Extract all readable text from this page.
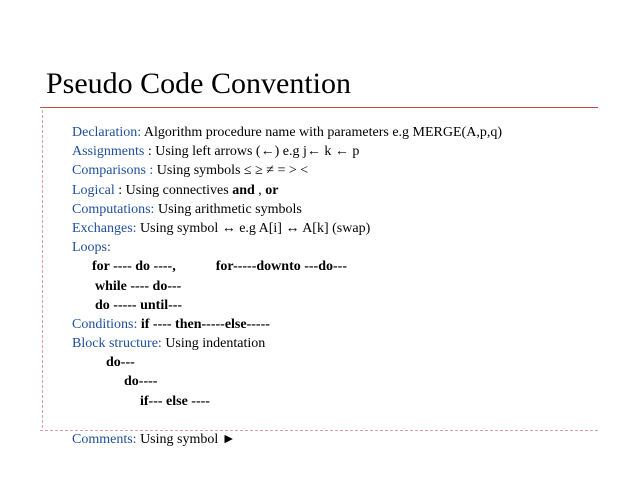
Pseudo Code Convention
Declaration: Algorithm procedure name with parameters e.g MERGE(A,p,q)
Assignments : Using left arrows (←) e.g j← k ← p
Comparisons : Using symbols ≤ ≥ ≠ = > <
Logical : Using connectives and , or
Computations: Using arithmetic symbols
Exchanges: Using symbol ↔ e.g A[i] ↔ A[k] (swap)
Loops:
for ---- do ----,	for-----downto ---do---
while ---- do---
do ----- until---
Conditions: if ---- then-----else-----
Block structure: Using indentation
do---
do----
if--- else ----
Comments: Using symbol ►
